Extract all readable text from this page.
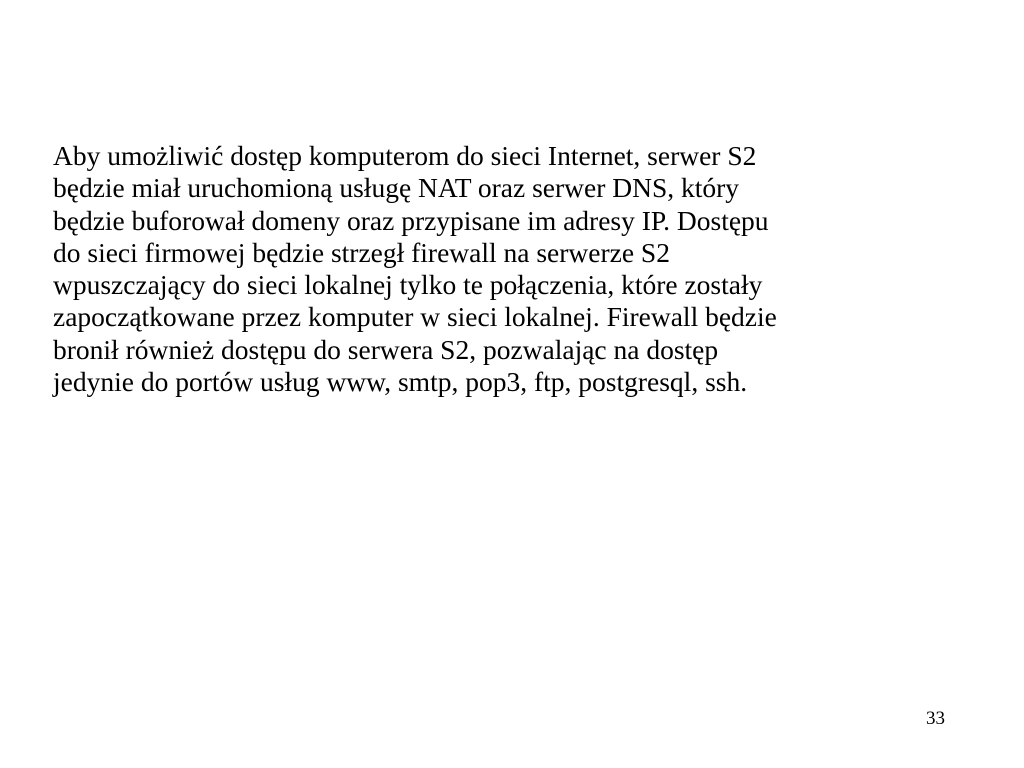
Aby umożliwić dostęp komputerom do sieci Internet, serwer S2
będzie miał uruchomioną usługę NAT oraz serwer DNS, który
będzie buforował domeny oraz przypisane im adresy IP. Dostępu
do sieci firmowej będzie strzegł firewall na serwerze S2
wpuszczający do sieci lokalnej tylko te połączenia, które zostały
zapoczątkowane przez komputer w sieci lokalnej. Firewall będzie
bronił również dostępu do serwera S2, pozwalając na dostęp
jedynie do portów usług www, smtp, pop3, ftp, postgresql, ssh.

33
